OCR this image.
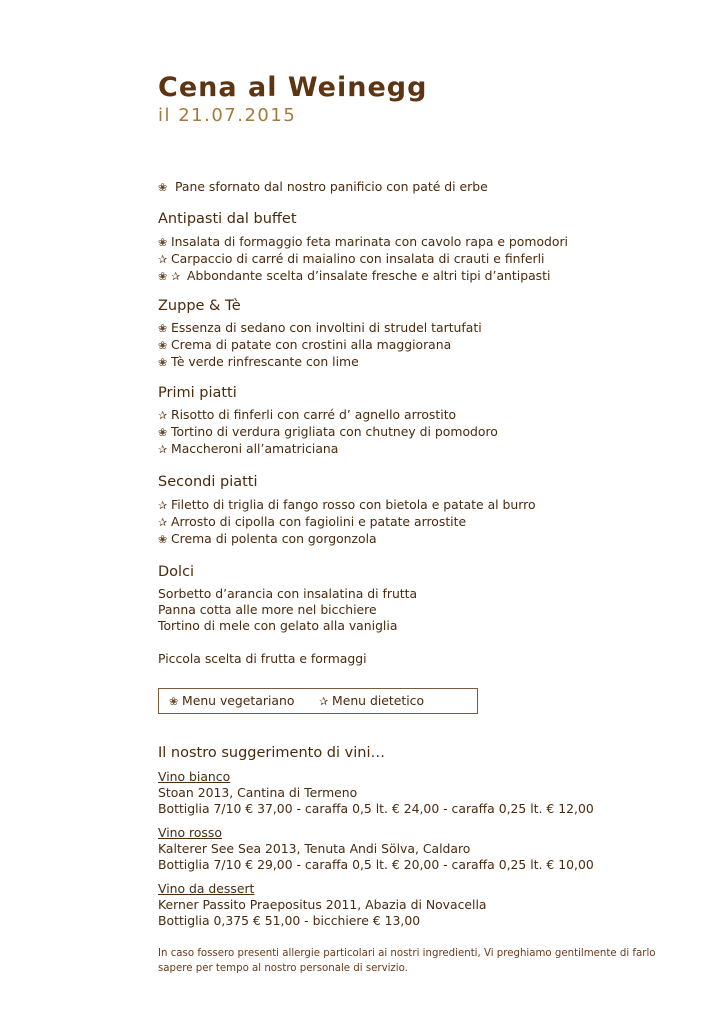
Cena al Weinegg

il 21.07.2015

❀ Pane sfornato dal nostro panificio con paté di erbe
Antipasti dal buffet
❀ Insalata di formaggio feta marinata con cavolo rapa e pomodori
✰ Carpaccio di carré di maialino con insalata di crauti e finferli
❀ ✰ Abbondante scelta d’insalate fresche e altri tipi d’antipasti
Zuppe & Tè
❀ Essenza di sedano con involtini di strudel tartufati
❀ Crema di patate con crostini alla maggiorana
❀ Tè verde rinfrescante con lime
Primi piatti
✰ Risotto di finferli con carré d’ agnello arrostito
❀ Tortino di verdura grigliata con chutney di pomodoro
✰ Maccheroni all’amatriciana
Secondi piatti
✰ Filetto di triglia di fango rosso con bietola e patate al burro
✰ Arrosto di cipolla con fagiolini e patate arrostite
❀ Crema di polenta con gorgonzola
Dolci
Sorbetto d’arancia con insalatina di frutta
Panna cotta alle more nel bicchiere
Tortino di mele con gelato alla vaniglia
Piccola scelta di frutta e formaggi
❀ Menu vegetariano ✰ Menu dietetico
Il nostro suggerimento di vini…
Vino bianco
Stoan 2013, Cantina di Termeno
Bottiglia 7/10 € 37,00 - caraffa 0,5 lt. € 24,00 - caraffa 0,25 lt. € 12,00
Vino rosso
Kalterer See Sea 2013, Tenuta Andi Sölva, Caldaro
Bottiglia 7/10 € 29,00 - caraffa 0,5 lt. € 20,00 - caraffa 0,25 lt. € 10,00
Vino da dessert
Kerner Passito Praepositus 2011, Abazia di Novacella
Bottiglia 0,375 € 51,00 - bicchiere € 13,00
In caso fossero presenti allergie particolari ai nostri ingredienti, Vi preghiamo gentilmente di farlo sapere per tempo al nostro personale di servizio.
